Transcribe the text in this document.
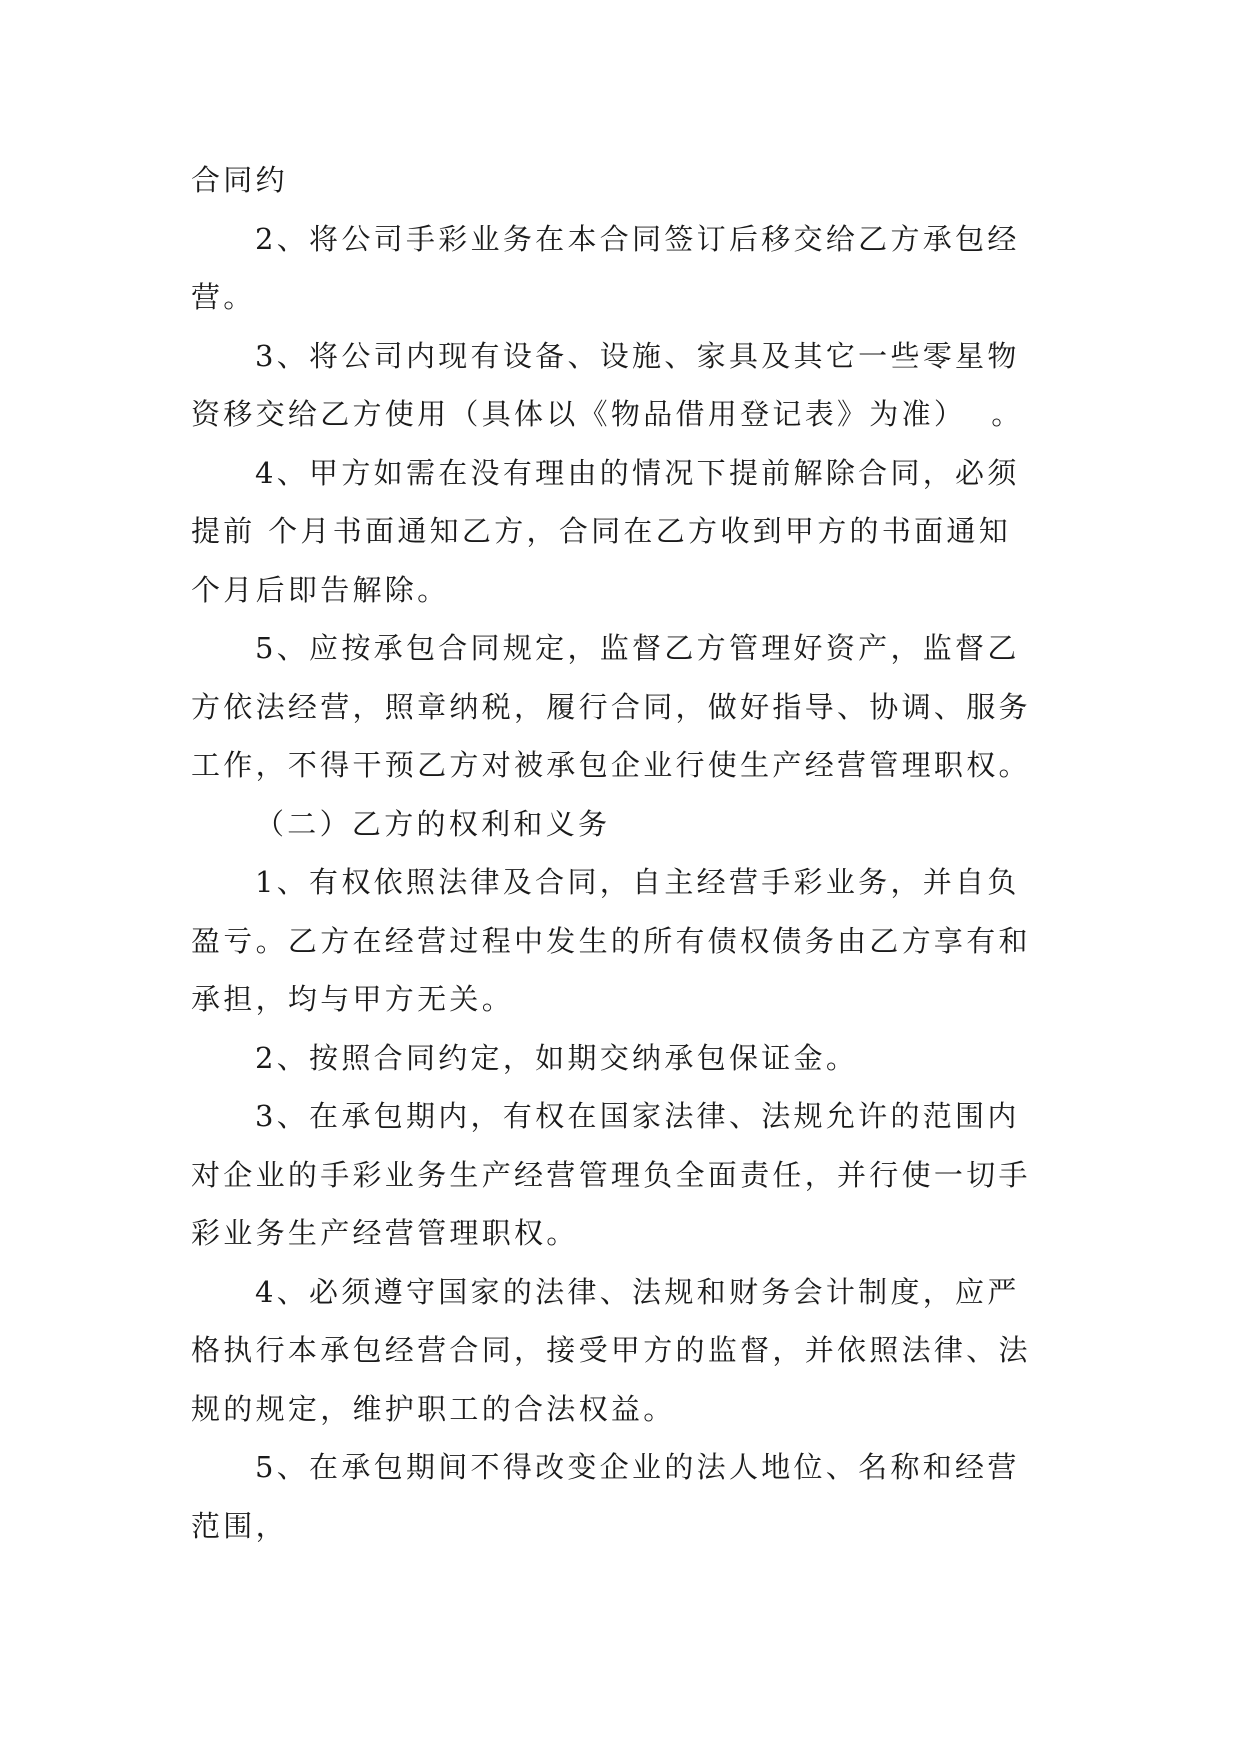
合同约
2、将公司手彩业务在本合同签订后移交给乙方承包经
营。
3、将公司内现有设备、设施、家具及其它一些零星物
资移交给乙方使用（具体以《物品借用登记表》为准）  。
4、甲方如需在没有理由的情况下提前解除合同，必须
提前 个月书面通知乙方，合同在乙方收到甲方的书面通知
个月后即告解除。
5、应按承包合同规定，监督乙方管理好资产，监督乙
方依法经营，照章纳税，履行合同，做好指导、协调、服务
工作，不得干预乙方对被承包企业行使生产经营管理职权。
（二）乙方的权利和义务
1、有权依照法律及合同，自主经营手彩业务，并自负
盈亏。乙方在经营过程中发生的所有债权债务由乙方享有和
承担，均与甲方无关。
2、按照合同约定，如期交纳承包保证金。
3、在承包期内，有权在国家法律、法规允许的范围内
对企业的手彩业务生产经营管理负全面责任，并行使一切手
彩业务生产经营管理职权。
4、必须遵守国家的法律、法规和财务会计制度，应严
格执行本承包经营合同，接受甲方的监督，并依照法律、法
规的规定，维护职工的合法权益。
5、在承包期间不得改变企业的法人地位、名称和经营
范围，
